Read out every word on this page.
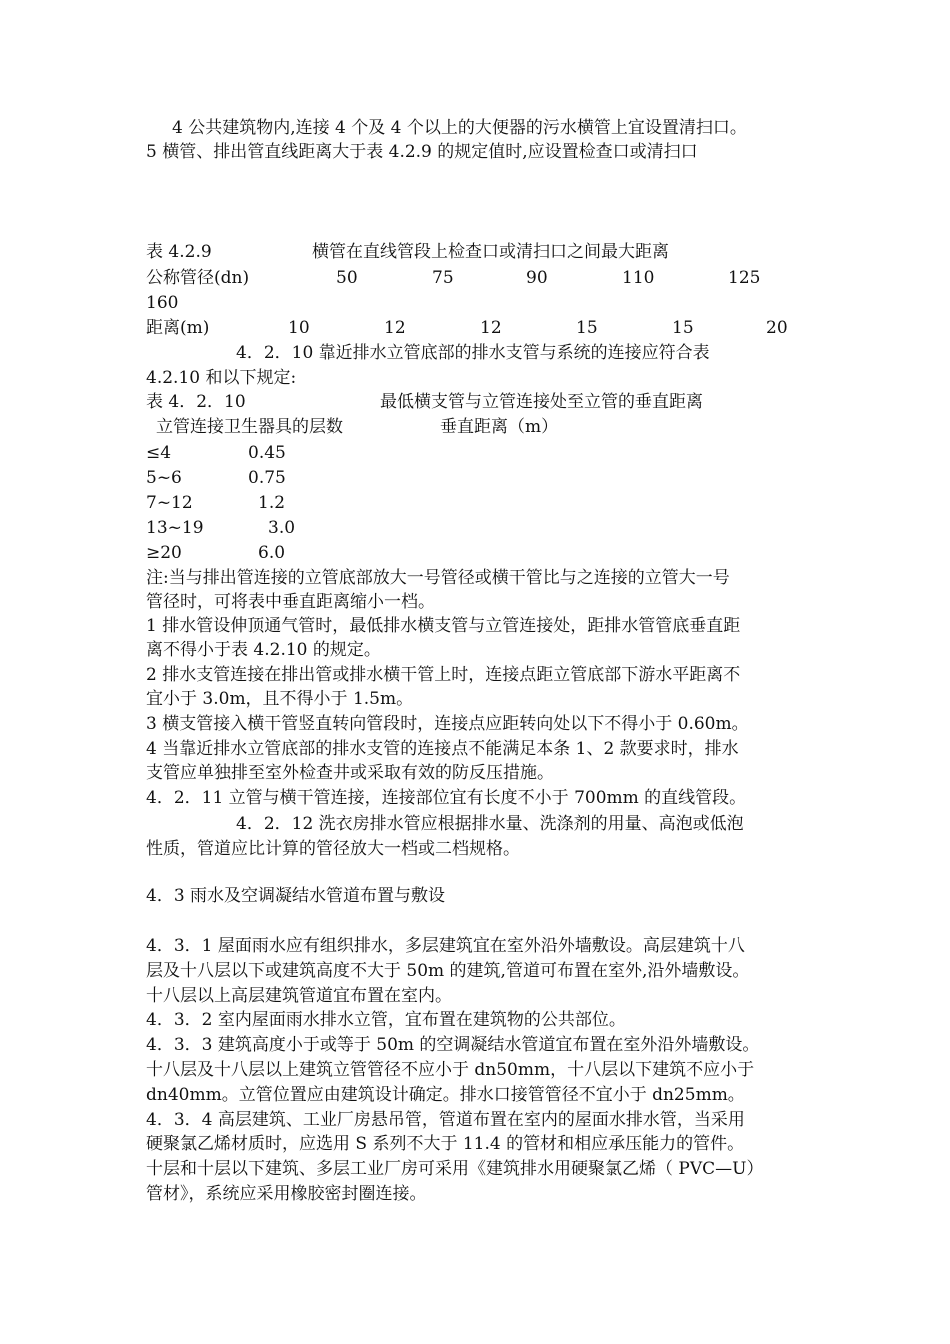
4 公共建筑物内,连接 4 个及 4 个以上的大便器的污水横管上宜设置清扫口。
5 横管、排出管直线距离大于表 4.2.9 的规定值时,应设置检查口或清扫口
表 4.2.9	横管在直线管段上检查口或清扫口之间最大距离
公称管径(dn)	50	75	90	110	125
160
距离(m)	10	12	12	15	15	20
4．2．10 靠近排水立管底部的排水支管与系统的连接应符合表
4.2.10 和以下规定:
表 4．2．10	最低横支管与立管连接处至立管的垂直距离
立管连接卫生器具的层数	垂直距离（m）
≤4	0.45
5~6	0.75
7~12	1.2
13~19	3.0
≥20	6.0
注:当与排出管连接的立管底部放大一号管径或横干管比与之连接的立管大一号
管径时，可将表中垂直距离缩小一档。
1 排水管设伸顶通气管时，最低排水横支管与立管连接处，距排水管管底垂直距
离不得小于表 4.2.10 的规定。
2 排水支管连接在排出管或排水横干管上时，连接点距立管底部下游水平距离不
宜小于 3.0m，且不得小于 1.5m。
3 横支管接入横干管竖直转向管段时，连接点应距转向处以下不得小于 0.60m。
4 当靠近排水立管底部的排水支管的连接点不能满足本条 1、2 款要求时，排水
支管应单独排至室外检查井或采取有效的防反压措施。
4．2．11 立管与横干管连接，连接部位宜有长度不小于 700mm 的直线管段。
4．2．12 洗衣房排水管应根据排水量、洗涤剂的用量、高泡或低泡
性质，管道应比计算的管径放大一档或二档规格。
4．3 雨水及空调凝结水管道布置与敷设
4．3．1 屋面雨水应有组织排水，多层建筑宜在室外沿外墙敷设。高层建筑十八
层及十八层以下或建筑高度不大于 50m 的建筑,管道可布置在室外,沿外墙敷设。
十八层以上高层建筑管道宜布置在室内。
4．3．2 室内屋面雨水排水立管，宜布置在建筑物的公共部位。
4．3．3 建筑高度小于或等于 50m 的空调凝结水管道宜布置在室外沿外墙敷设。
十八层及十八层以上建筑立管管径不应小于 dn50mm，十八层以下建筑不应小于
dn40mm。立管位置应由建筑设计确定。排水口接管管径不宜小于 dn25mm。
4．3．4 高层建筑、工业厂房悬吊管，管道布置在室内的屋面水排水管，当采用
硬聚氯乙烯材质时，应选用 S 系列不大于 11.4 的管材和相应承压能力的管件。
十层和十层以下建筑、多层工业厂房可采用《建筑排水用硬聚氯乙烯（ PVC—U）
管材》，系统应采用橡胶密封圈连接。
